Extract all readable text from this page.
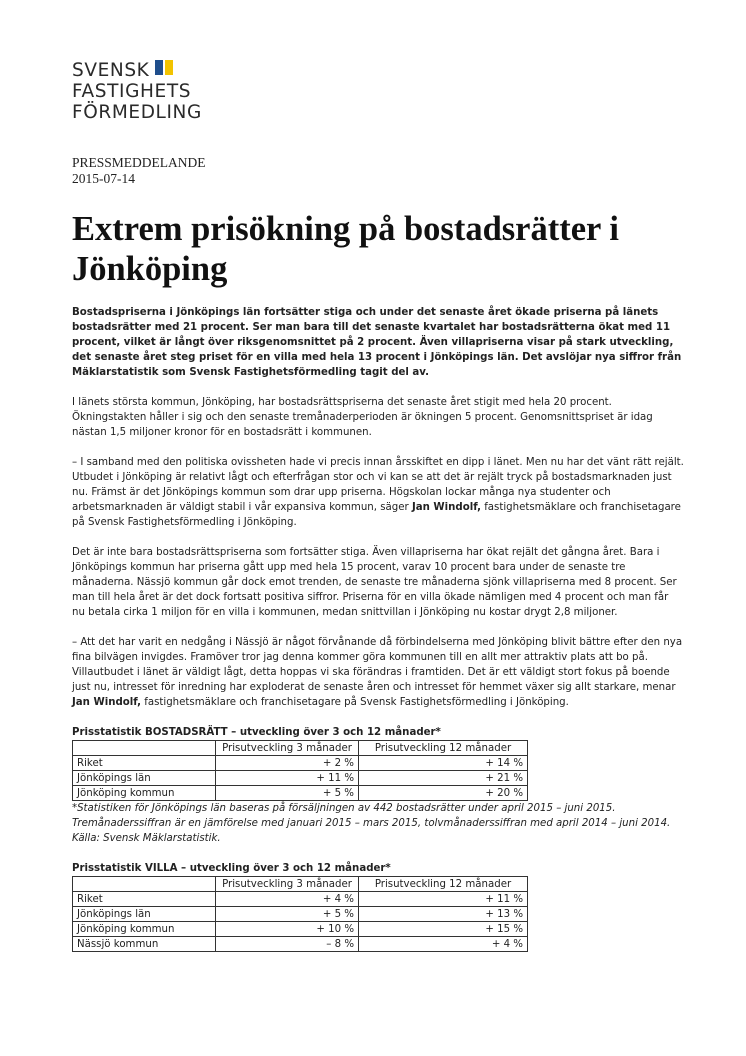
SVENSK
FASTIGHETS
FÖRMEDLING
PRESSMEDDELANDE
2015-07-14
Extrem prisökning på bostadsrätter i Jönköping

Bostadspriserna i Jönköpings län fortsätter stiga och under det senaste året ökade priserna på länets bostadsrätter med 21 procent. Ser man bara till det senaste kvartalet har bostadsrätterna ökat med 11 procent, vilket är långt över riksgenomsnittet på 2 procent. Även villapriserna visar på stark utveckling, det senaste året steg priset för en villa med hela 13 procent i Jönköpings län. Det avslöjar nya siffror från Mäklarstatistik som Svensk Fastighetsförmedling tagit del av.

I länets största kommun, Jönköping, har bostadsrättspriserna det senaste året stigit med hela 20 procent. Ökningstakten håller i sig och den senaste tremånaderperioden är ökningen 5 procent. Genomsnittspriset är idag nästan 1,5 miljoner kronor för en bostadsrätt i kommunen.

– I samband med den politiska ovissheten hade vi precis innan årsskiftet en dipp i länet. Men nu har det vänt rätt rejält. Utbudet i Jönköping är relativt lågt och efterfrågan stor och vi kan se att det är rejält tryck på bostadsmarknaden just nu. Främst är det Jönköpings kommun som drar upp priserna. Högskolan lockar många nya studenter och arbetsmarknaden är väldigt stabil i vår expansiva kommun, säger Jan Windolf, fastighetsmäklare och franchisetagare på Svensk Fastighetsförmedling i Jönköping.

Det är inte bara bostadsrättspriserna som fortsätter stiga. Även villapriserna har ökat rejält det gångna året. Bara i Jönköpings kommun har priserna gått upp med hela 15 procent, varav 10 procent bara under de senaste tre månaderna. Nässjö kommun går dock emot trenden, de senaste tre månaderna sjönk villapriserna med 8 procent. Ser man till hela året är det dock fortsatt positiva siffror. Priserna för en villa ökade nämligen med 4 procent och man får nu betala cirka 1 miljon för en villa i kommunen, medan snittvillan i Jönköping nu kostar drygt 2,8 miljoner.

– Att det har varit en nedgång i Nässjö är något förvånande då förbindelserna med Jönköping blivit bättre efter den nya fina bilvägen invigdes. Framöver tror jag denna kommer göra kommunen till en allt mer attraktiv plats att bo på. Villautbudet i länet är väldigt lågt, detta hoppas vi ska förändras i framtiden. Det är ett väldigt stort fokus på boende just nu, intresset för inredning har exploderat de senaste åren och intresset för hemmet växer sig allt starkare, menar Jan Windolf, fastighetsmäklare och franchisetagare på Svensk Fastighetsförmedling i Jönköping.

Prisstatistik BOSTADSRÄTT – utveckling över 3 och 12 månader*
	Prisutveckling 3 månader	Prisutveckling 12 månader
Riket	+ 2 %	+ 14 %
Jönköpings län	+ 11 %	+ 21 %
Jönköping kommun	+ 5 %	+ 20 %

*Statistiken för Jönköpings län baseras på försäljningen av 442 bostadsrätter under april 2015 – juni 2015. Tremånaderssiffran är en jämförelse med januari 2015 – mars 2015, tolvmånaderssiffran med april 2014 – juni 2014. Källa: Svensk Mäklarstatistik.

Prisstatistik VILLA – utveckling över 3 och 12 månader*
	Prisutveckling 3 månader	Prisutveckling 12 månader
Riket	+ 4 %	+ 11 %
Jönköpings län	+ 5 %	+ 13 %
Jönköping kommun	+ 10 %	+ 15 %
Nässjö kommun	– 8 %	+ 4 %
